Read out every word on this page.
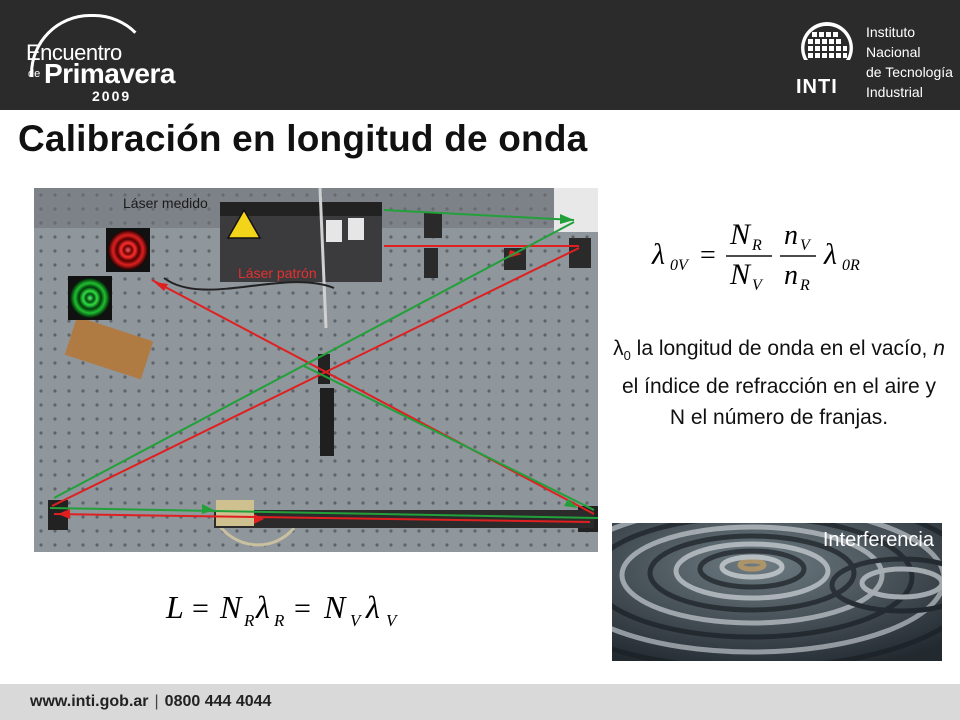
Encuentro
de Primavera
2009	INTI
Instituto
Nacional
de Tecnología
Industrial
Calibración en longitud de onda
Láser medido
Láser patrón
λ 0V =
N R
N V
n V
n R
λ 0R
$\lambda_0$ la longitud de onda en el vacío, n el índice de refracción en el aire y N el número de franjas.
Interferencia
L = N R λ R = N V λ V
www.inti.gob.ar | 0800 444 4044
